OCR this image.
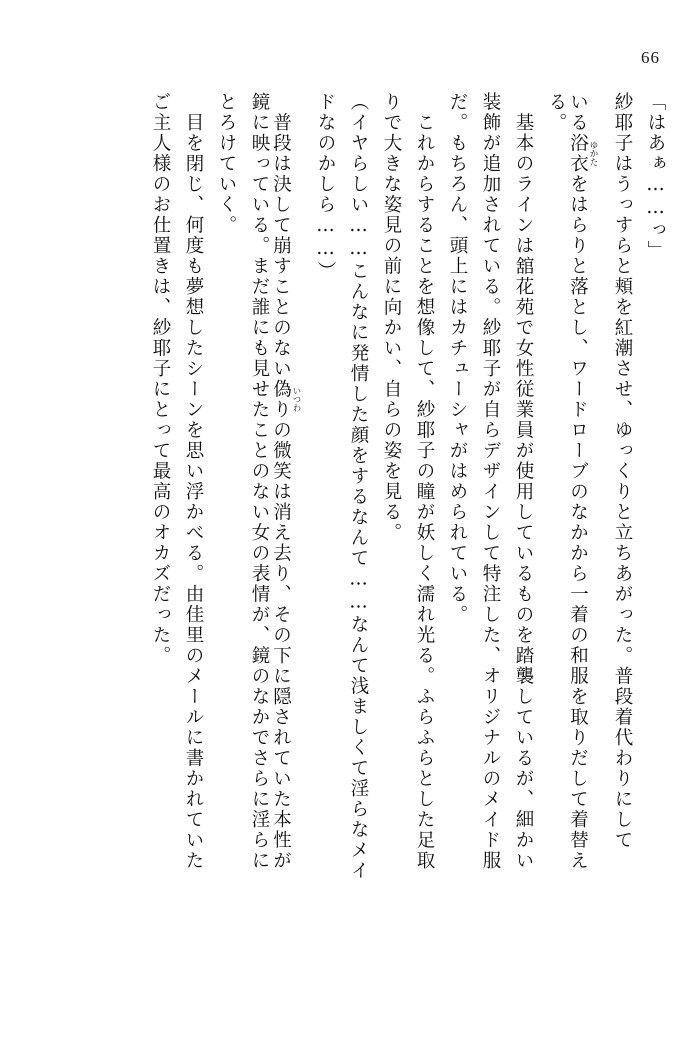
66
「はあぁ……っ」
紗耶子はうっすらと頬を紅潮させ、ゆっくりと立ちあがった。普段着代わりにして
いる浴衣 ゆかたをはらりと落とし、ワードローブのなかから一着の和服を取りだして着替え
る。
　基本のラインは舘花苑で女性従業員が使用しているものを踏襲しているが、細かい
装飾が追加されている。紗耶子が自らデザインして特注した、オリジナルのメイド服
だ。もちろん、頭上にはカチューシャがはめられている。
　これからすることを想像して、紗耶子の瞳が妖しく濡れ光る。ふらふらとした足取
りで大きな姿見の前に向かい、自らの姿を見る。
（イヤらしい……こんなに発情した顔をするなんて……なんて浅ましくて淫らなメイ
ドなのかしら……）
　普段は決して崩すことのない偽り いつわの微笑は消え去り、その下に隠されていた本性が
鏡に映っている。まだ誰にも見せたことのない女の表情が、鏡のなかでさらに淫らに
とろけていく。
　目を閉じ、何度も夢想したシーンを思い浮かべる。由佳里のメールに書かれていた
ご主人様のお仕置きは、紗耶子にとって最高のオカズだった。
